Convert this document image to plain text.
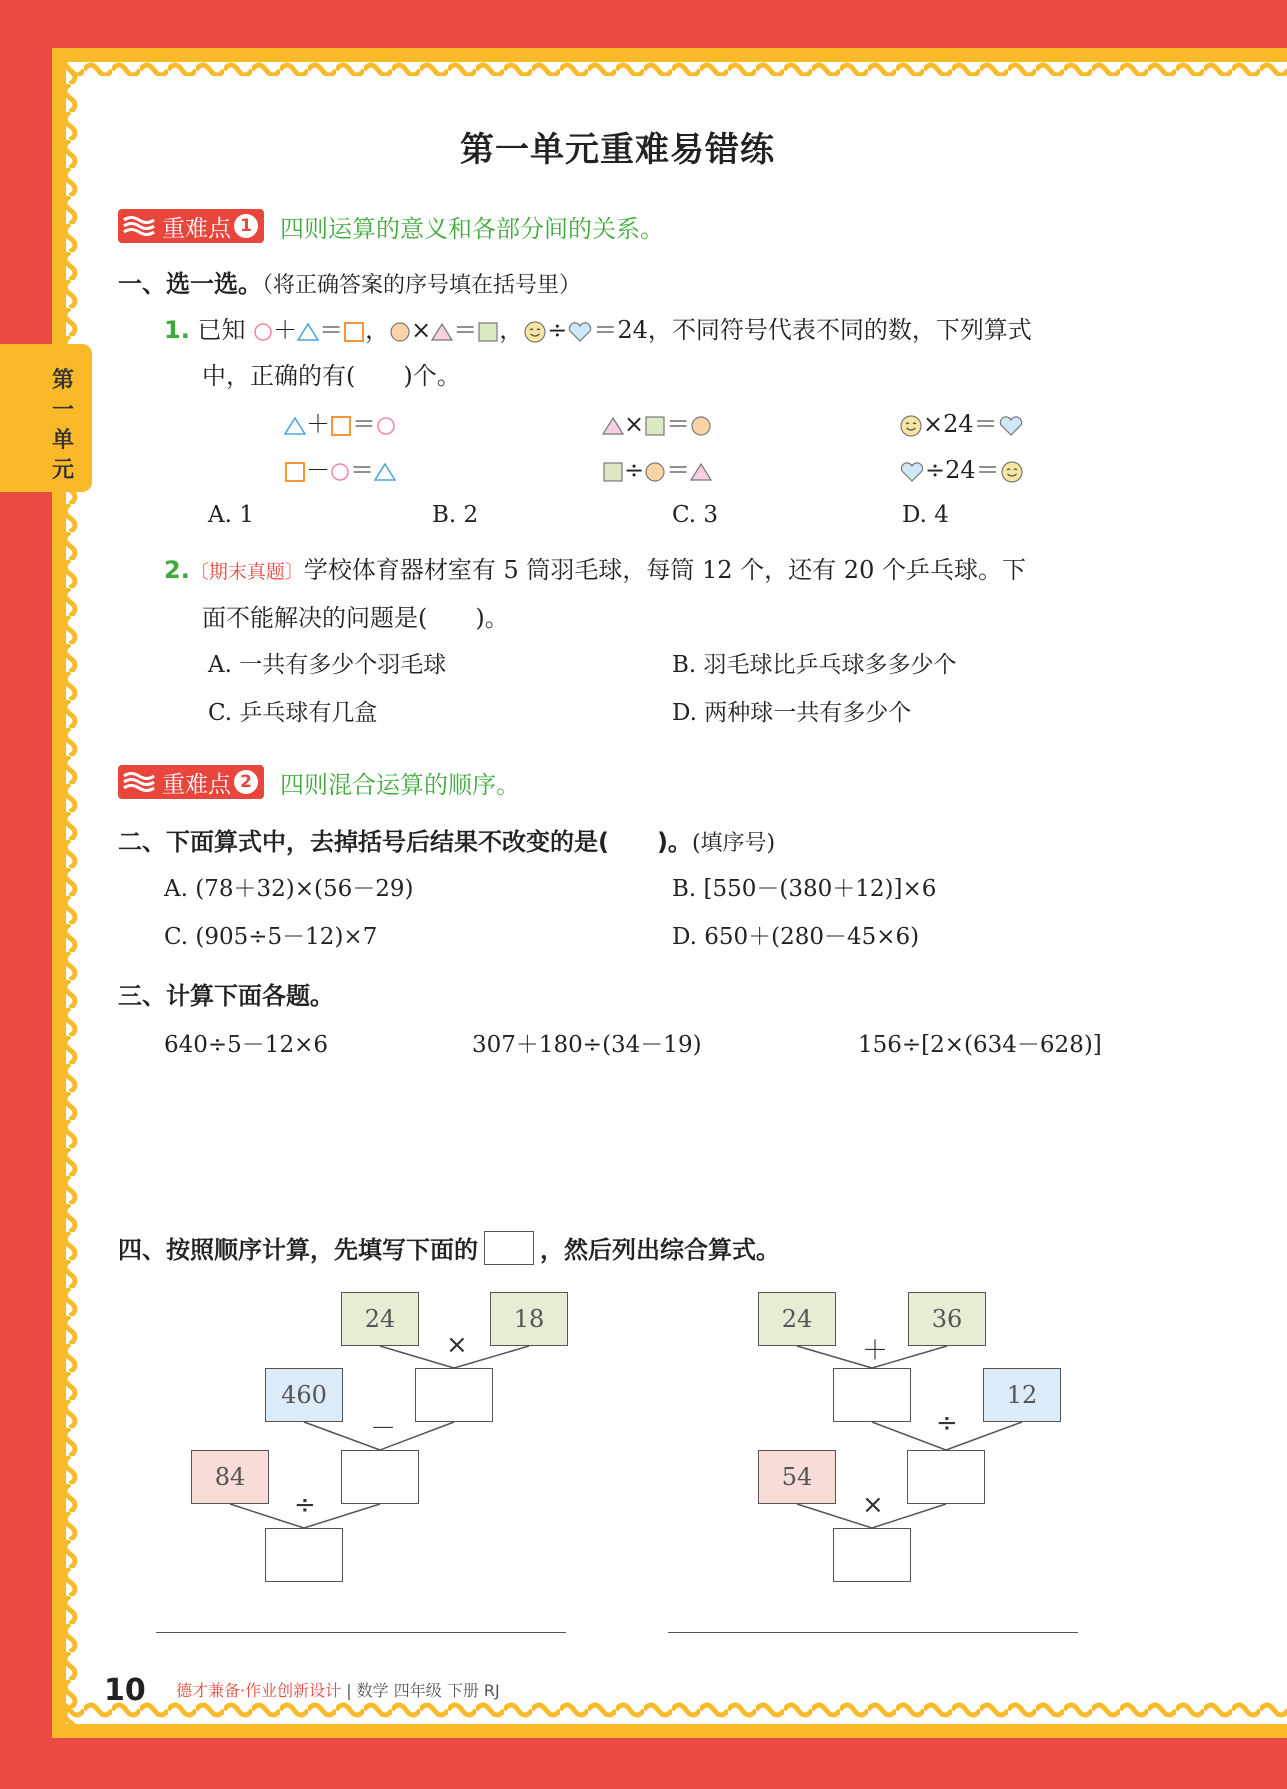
第一单元
第一单元重难易错练
重难点 1 四则运算的意义和各部分间的关系。
一、选一选。（将正确答案的序号填在括号里）
1. 已知 ＋ ＝ ， × ＝ ， ÷ ＝24，不同符号代表不同的数，下列算式
中，正确的有(　　)个。
＋ ＝	× ＝	×24＝
－ ＝	÷ ＝	÷24＝
A. 1	B. 2	C. 3	D. 4
2.〔期末真题〕学校体育器材室有 5 筒羽毛球，每筒 12 个，还有 20 个乒乓球。下
面不能解决的问题是(　　)。
A. 一共有多少个羽毛球	B. 羽毛球比乒乓球多多少个
C. 乒乓球有几盒	D. 两种球一共有多少个
重难点 2 四则混合运算的顺序。
二、下面算式中，去掉括号后结果不改变的是(　　)。(填序号)
A. (78＋32)×(56－29)	B. [550－(380＋12)]×6
C. (905÷5－12)×7	D. 650＋(280－45×6)
三、计算下面各题。
640÷5－12×6	307＋180÷(34－19)	156÷[2×(634－628)]
四、按照顺序计算，先填写下面的	，然后列出综合算式。
24	18
×
460
－
84
÷
24	36
＋
12
÷
54
×
10 德才兼备·作业创新设计 | 数学 四年级 下册 RJ
